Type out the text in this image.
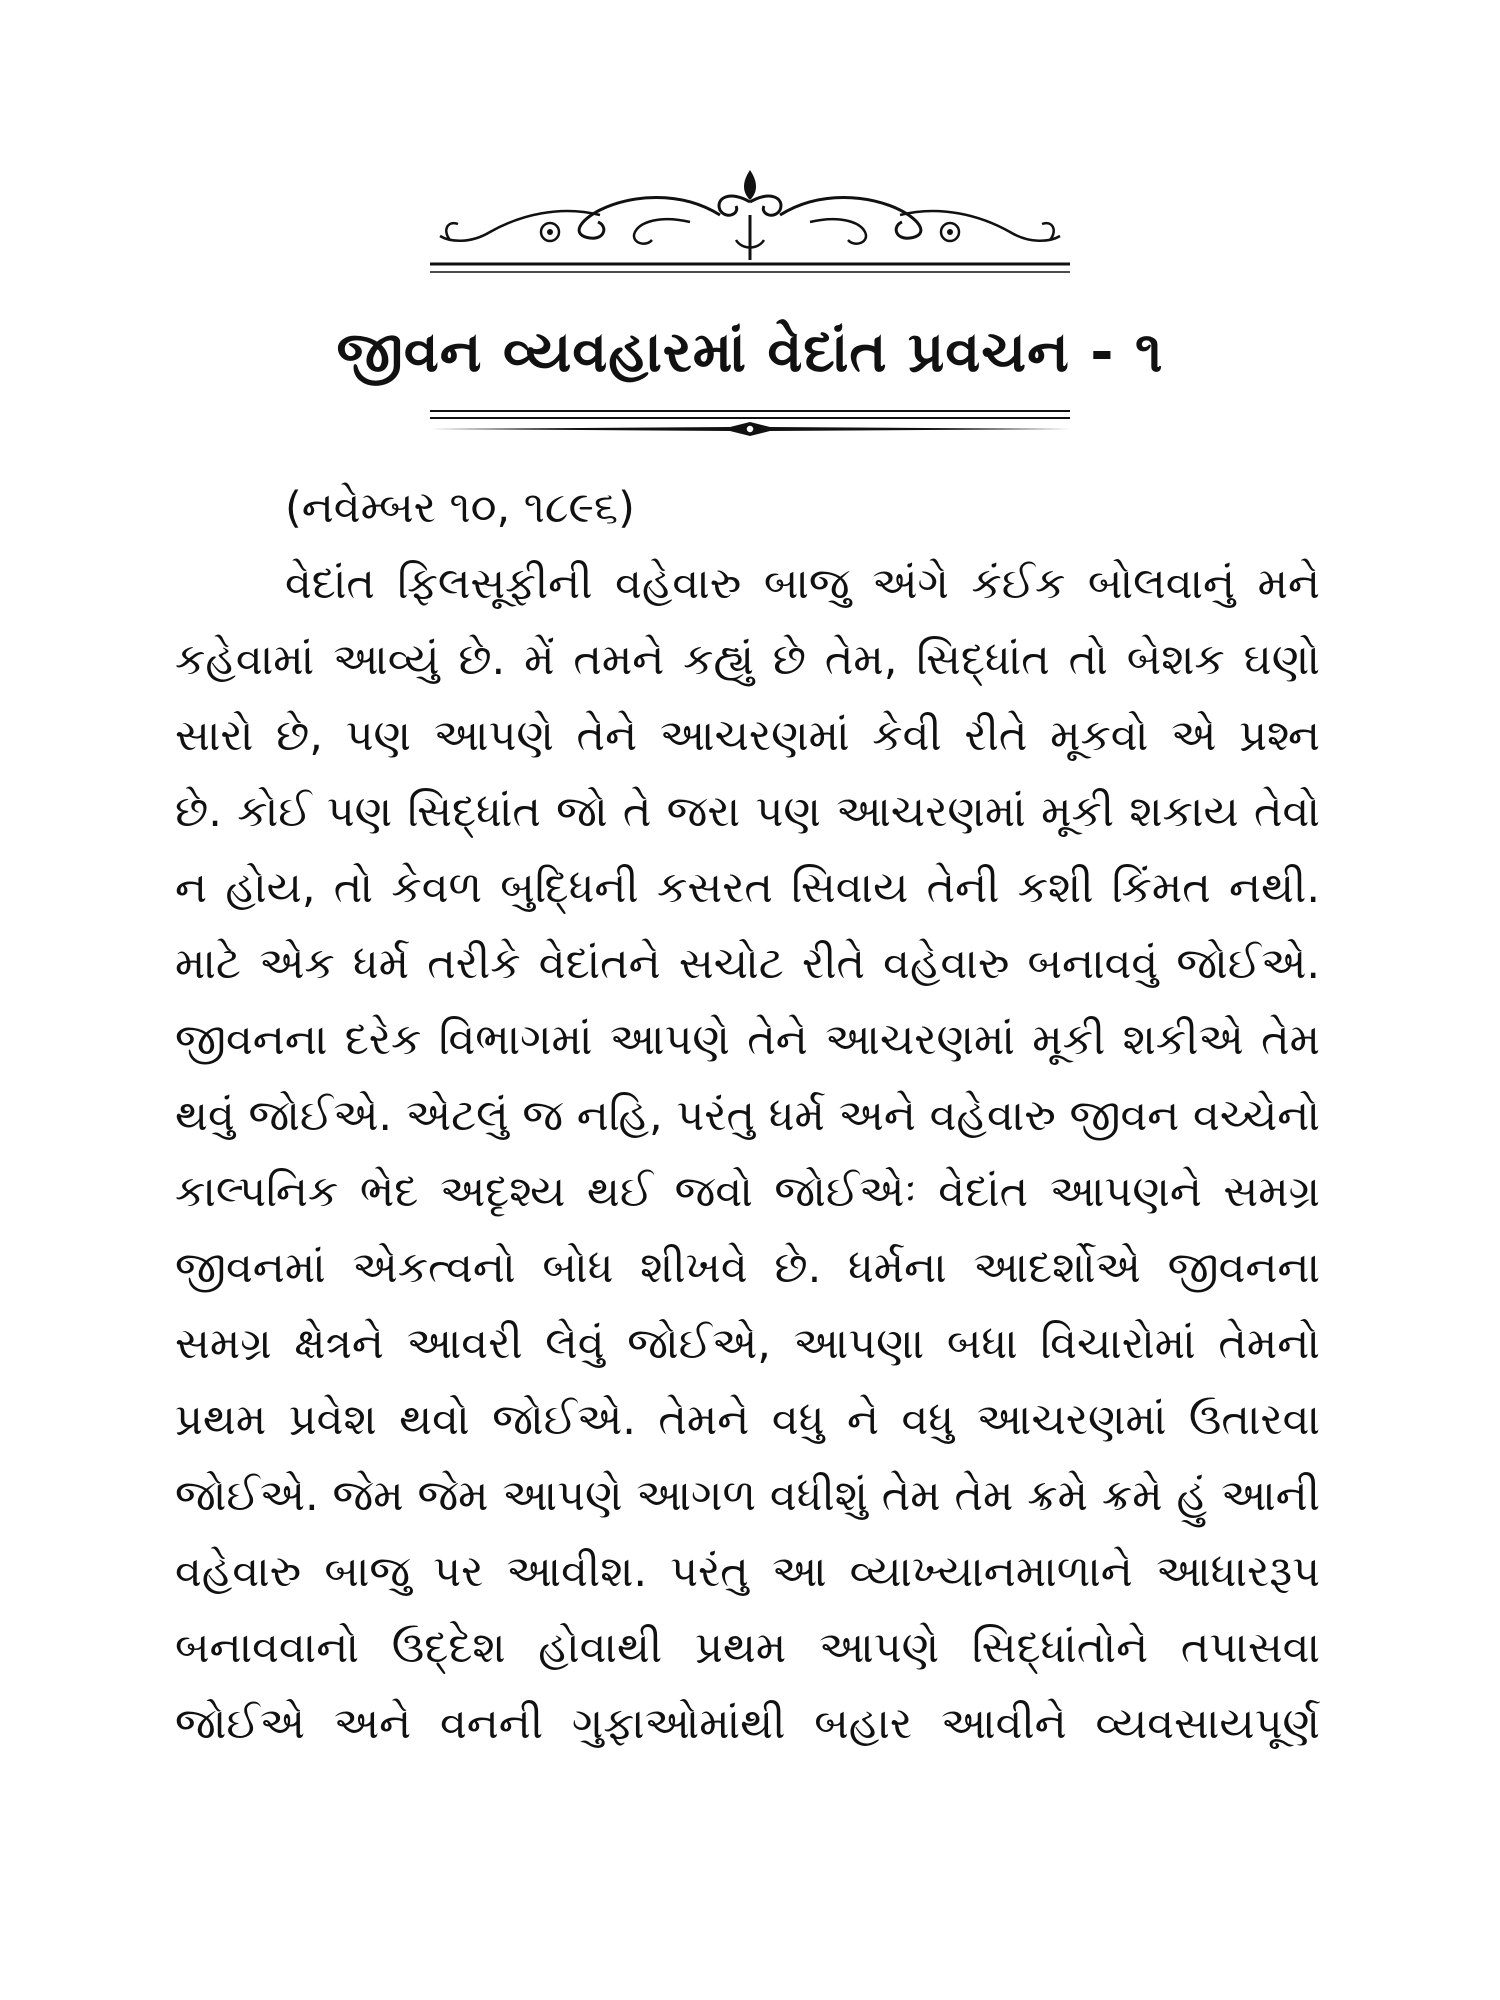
જીવન વ્યવહારમાં વેદાંત પ્રવચન - ૧
(નવેમ્બર ૧૦, ૧૮૯૬)
વેદાંત ફિલસૂફીની વહેવારુ બાજુ અંગે કંઈક બોલવાનું મને
કહેવામાં આવ્યું છે. મેં તમને કહ્યું છે તેમ, સિદ્ધાંત તો બેશક ઘણો
સારો છે, પણ આપણે તેને આચરણમાં કેવી રીતે મૂકવો એ પ્રશ્ન
છે. કોઈ પણ સિદ્ધાંત જો તે જરા પણ આચરણમાં મૂકી શકાય તેવો
ન હોય, તો કેવળ બુદ્ધિની કસરત સિવાય તેની કશી કિંમત નથી.
માટે એક ધર્મ તરીકે વેદાંતને સચોટ રીતે વહેવારુ બનાવવું જોઈએ.
જીવનના દરેક વિભાગમાં આપણે તેને આચરણમાં મૂકી શકીએ તેમ
થવું જોઈએ. એટલું જ નહિ, પરંતુ ધર્મ અને વહેવારુ જીવન વચ્ચેનો
કાલ્પનિક ભેદ અદૃશ્ય થઈ જવો જોઈએઃ વેદાંત આપણને સમગ્ર
જીવનમાં એકત્વનો બોધ શીખવે છે. ધર્મના આદર્શોએ જીવનના
સમગ્ર ક્ષેત્રને આવરી લેવું જોઈએ, આપણા બધા વિચારોમાં તેમનો
પ્રથમ પ્રવેશ થવો જોઈએ. તેમને વધુ ને વધુ આચરણમાં ઉતારવા
જોઈએ. જેમ જેમ આપણે આગળ વધીશું તેમ તેમ ક્રમે ક્રમે હું આની
વહેવારુ બાજુ પર આવીશ. પરંતુ આ વ્યાખ્યાનમાળાને આધારરૂપ
બનાવવાનો ઉદ્દેશ હોવાથી પ્રથમ આપણે સિદ્ધાંતોને તપાસવા
જોઈએ અને વનની ગુફાઓમાંથી બહાર આવીને વ્યવસાયપૂર્ણ
